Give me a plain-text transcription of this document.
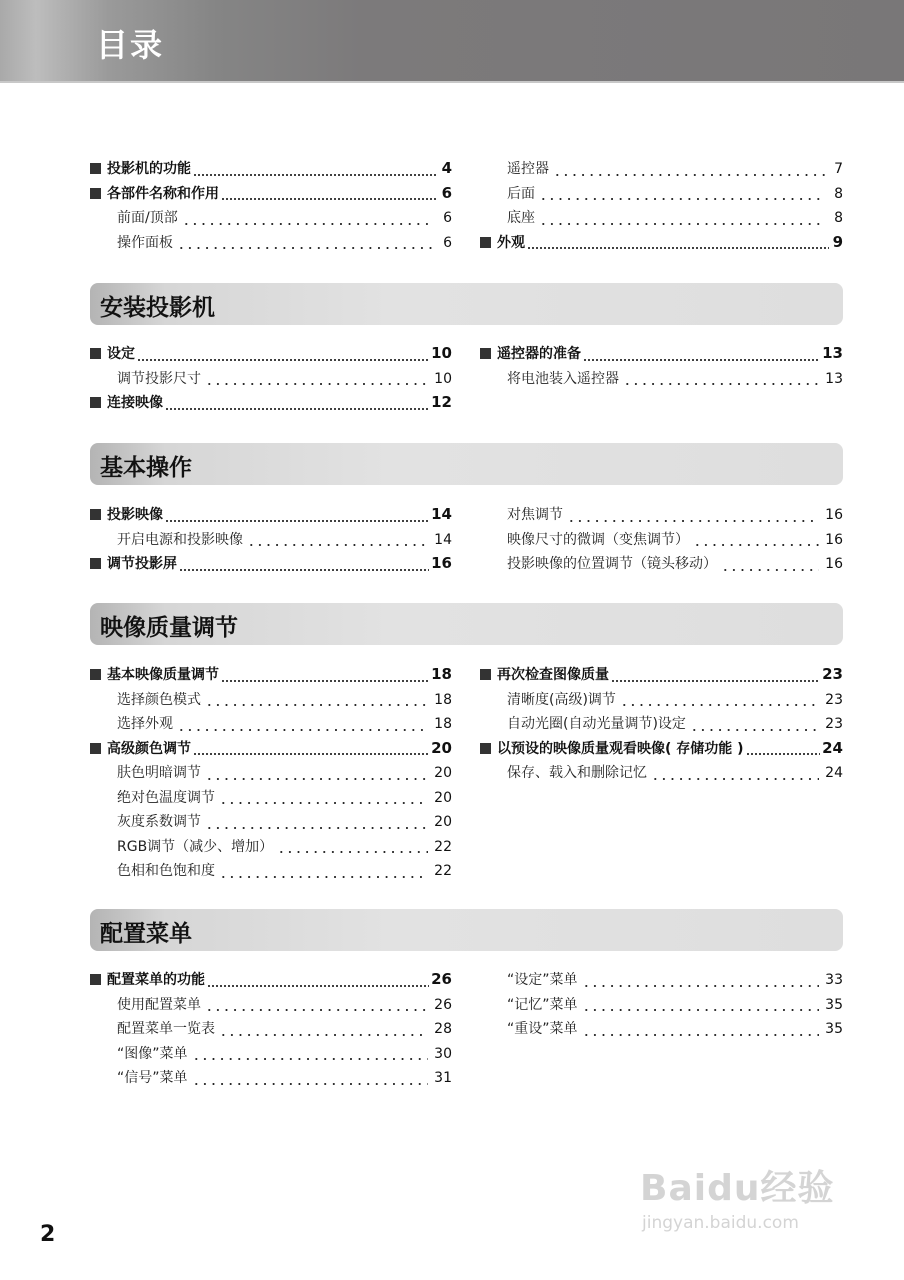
目录
投影机的功能	4
各部件名称和作用	6
前面/顶部	6
操作面板	6
遥控器	7
后面	8
底座	8
外观	9
安装投影机
设定	10
调节投影尺寸	10
连接映像	12
遥控器的准备	13
将电池装入遥控器	13
基本操作
投影映像	14
开启电源和投影映像	14
调节投影屏	16
对焦调节	16
映像尺寸的微调（变焦调节）	16
投影映像的位置调节（镜头移动）	16
映像质量调节
基本映像质量调节	18
选择颜色模式	18
选择外观	18
高级颜色调节	20
肤色明暗调节	20
绝对色温度调节	20
灰度系数调节	20
RGB调节（减少、增加）	22
色相和色饱和度	22
再次检查图像质量	23
清晰度(高级)调节	23
自动光圈(自动光量调节)设定	23
以预设的映像质量观看映像( 存储功能 )	24
保存、载入和删除记忆	24
配置菜单
配置菜单的功能	26
使用配置菜单	26
配置菜单一览表	28
“图像”菜单	30
“信号”菜单	31
“设定”菜单	33
“记忆”菜单	35
“重设”菜单	35
2
Baidu经验
jingyan.baidu.com
